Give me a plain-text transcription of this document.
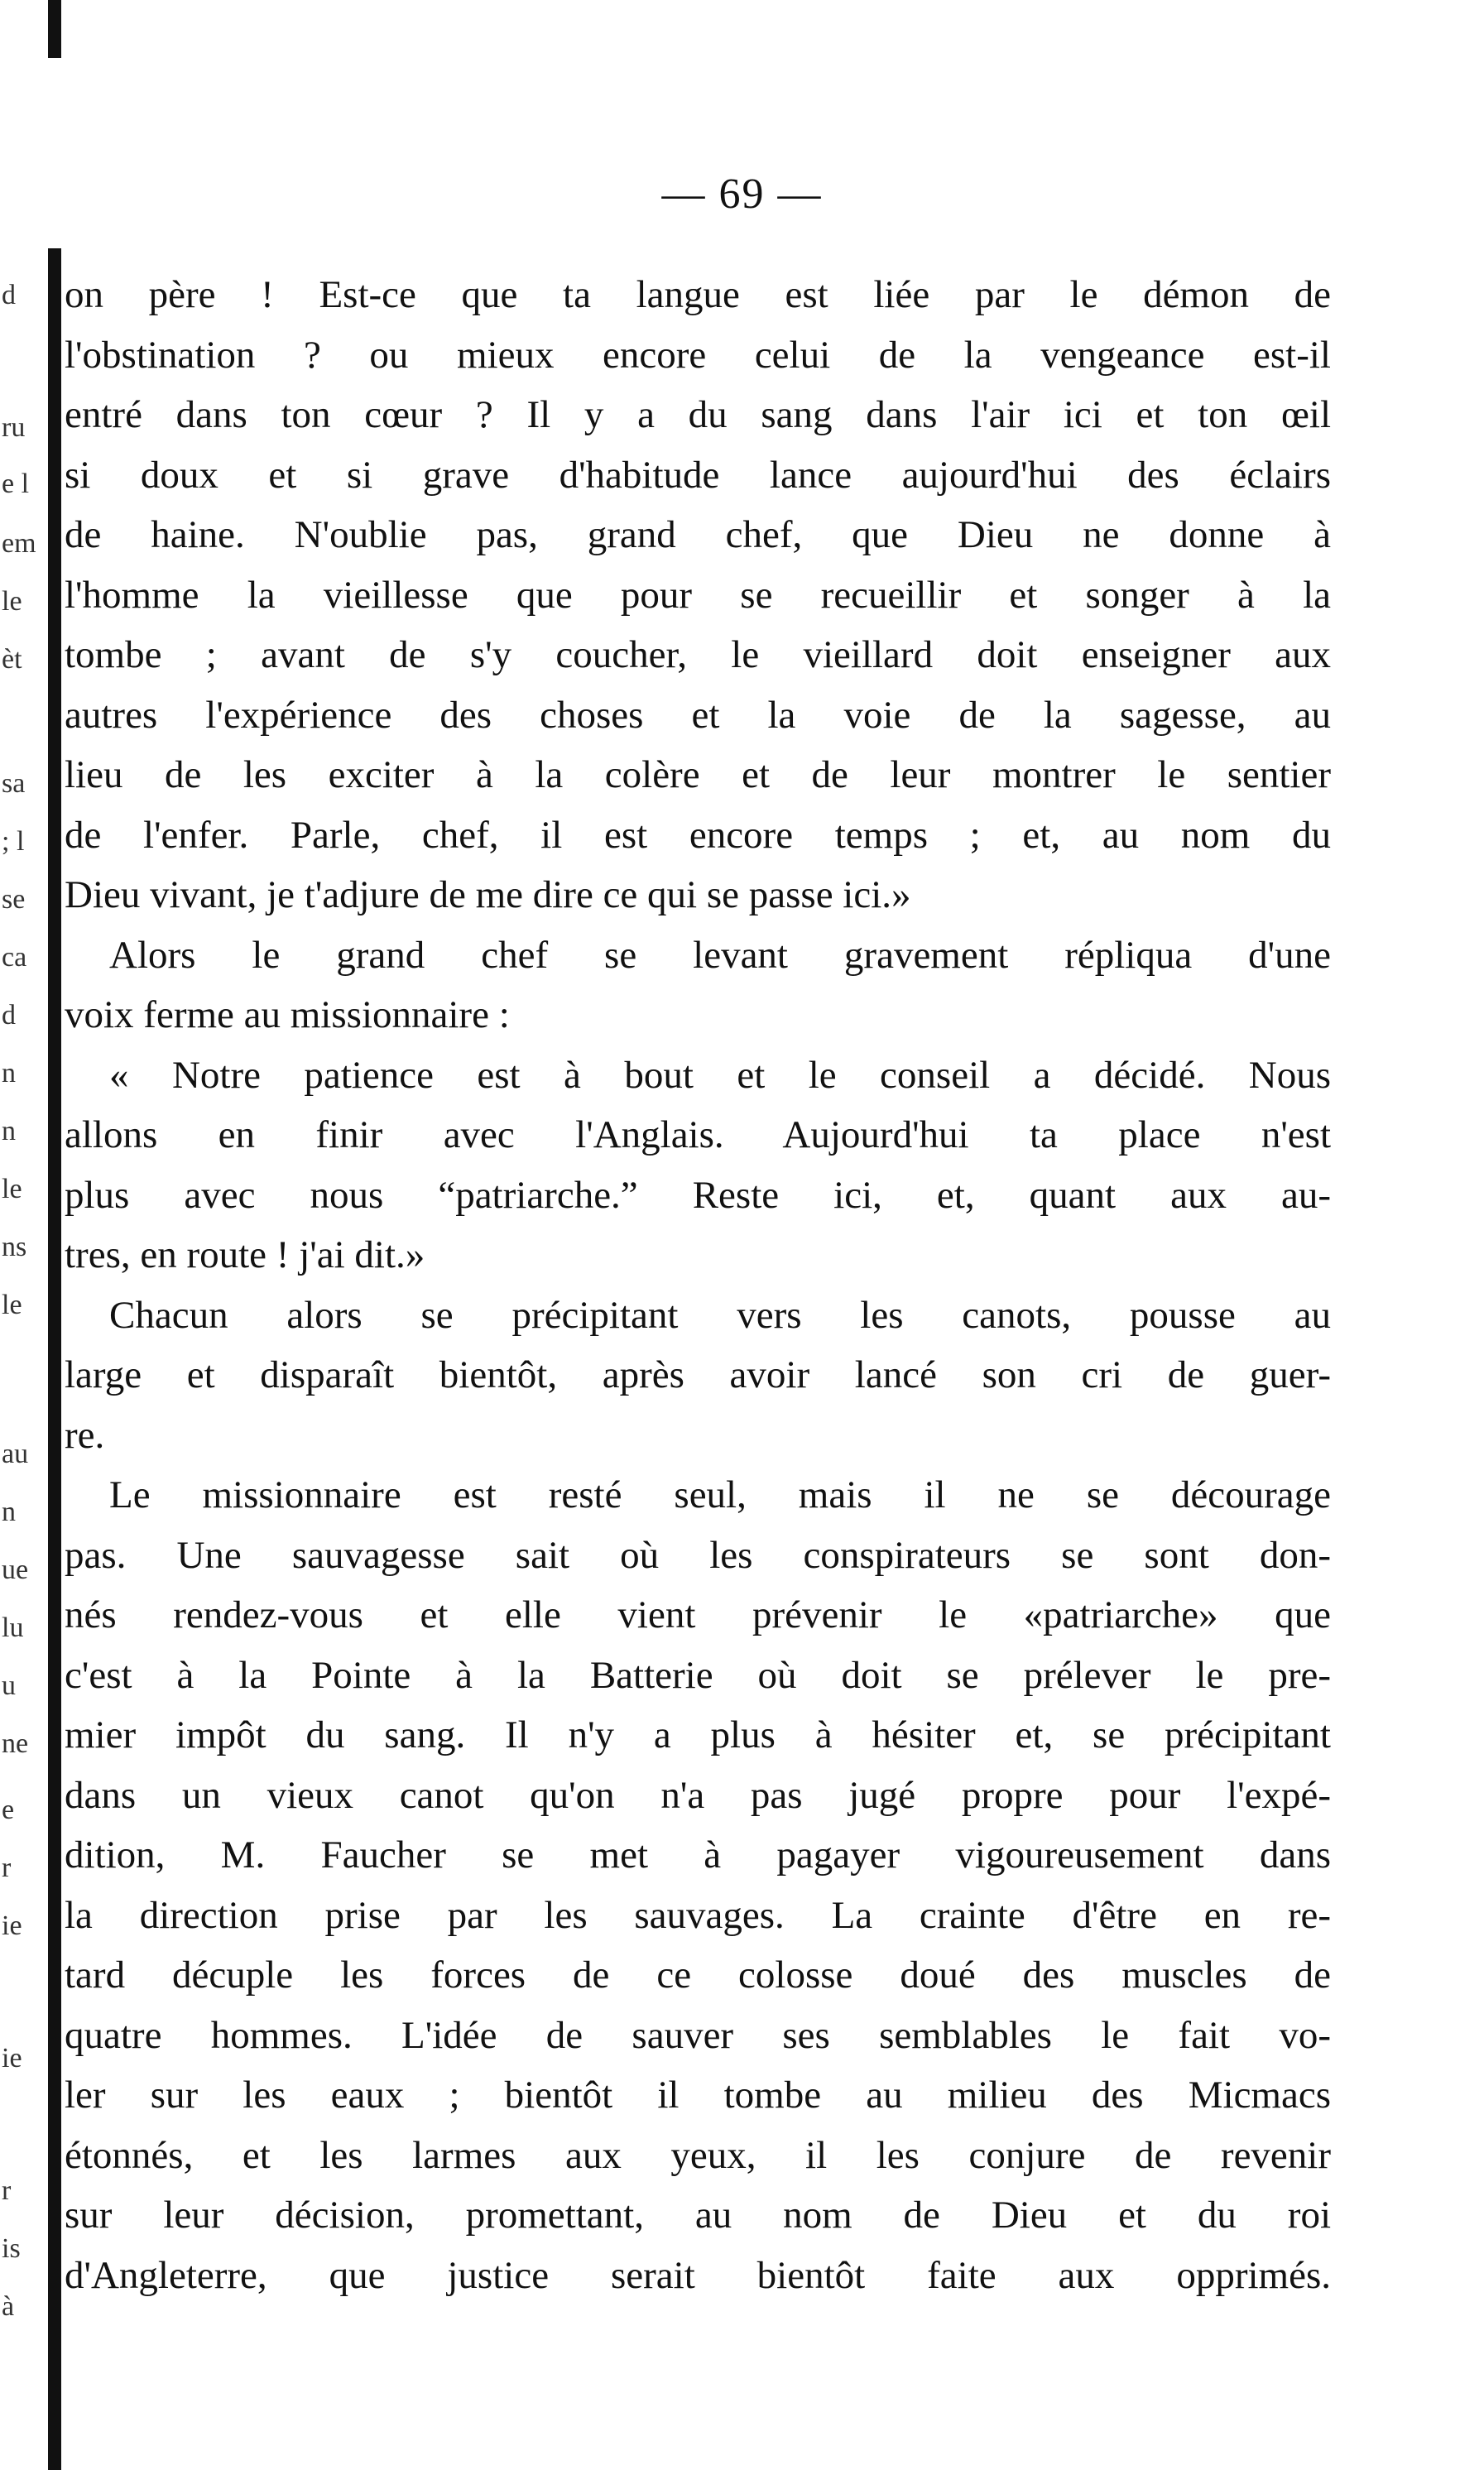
d
ru
e l
em
le
èt
sa
; l
se
ca
d
n
n
le
ns
le
au
n
ue
lu
u
ne
e
r
ie
ie
r
is
à
— 69 —
on père ! Est-ce que ta langue est liée par le démon de
l'obstination ? ou mieux encore celui de la vengeance est-il
entré dans ton cœur ? Il y a du sang dans l'air ici et ton œil
si doux et si grave d'habitude lance aujourd'hui des éclairs
de haine. N'oublie pas, grand chef, que Dieu ne donne à
l'homme la vieillesse que pour se recueillir et songer à la
tombe ; avant de s'y coucher, le vieillard doit enseigner aux
autres l'expérience des choses et la voie de la sagesse, au
lieu de les exciter à la colère et de leur montrer le sentier
de l'enfer. Parle, chef, il est encore temps ; et, au nom du
Dieu vivant, je t'adjure de me dire ce qui se passe ici.»
Alors le grand chef se levant gravement répliqua d'une
voix ferme au missionnaire :
« Notre patience est à bout et le conseil a décidé. Nous
allons en finir avec l'Anglais. Aujourd'hui ta place n'est
plus avec nous “patriarche.” Reste ici, et, quant aux au-
tres, en route ! j'ai dit.»
Chacun alors se précipitant vers les canots, pousse au
large et disparaît bientôt, après avoir lancé son cri de guer-
re.
Le missionnaire est resté seul, mais il ne se décourage
pas. Une sauvagesse sait où les conspirateurs se sont don-
nés rendez-vous et elle vient prévenir le «patriarche» que
c'est à la Pointe à la Batterie où doit se prélever le pre-
mier impôt du sang. Il n'y a plus à hésiter et, se précipitant
dans un vieux canot qu'on n'a pas jugé propre pour l'expé-
dition, M. Faucher se met à pagayer vigoureusement dans
la direction prise par les sauvages. La crainte d'être en re-
tard décuple les forces de ce colosse doué des muscles de
quatre hommes. L'idée de sauver ses semblables le fait vo-
ler sur les eaux ; bientôt il tombe au milieu des Micmacs
étonnés, et les larmes aux yeux, il les conjure de revenir
sur leur décision, promettant, au nom de Dieu et du roi
d'Angleterre, que justice serait bientôt faite aux opprimés.
